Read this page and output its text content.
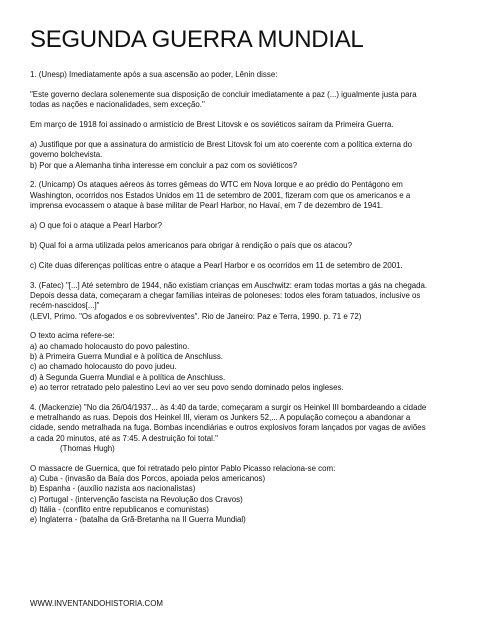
SEGUNDA GUERRA MUNDIAL
1. (Unesp) Imediatamente após a sua ascensão ao poder, Lênin disse:
"Este governo declara solenemente sua disposição de concluir imediatamente a paz (...) igualmente justa para
todas as nações e nacionalidades, sem exceção."
Em março de 1918 foi assinado o armistício de Brest Litovsk e os soviéticos saíram da Primeira Guerra.
a) Justifique por que a assinatura do armistício de Brest Litovsk foi um ato coerente com a política externa do
governo bolchevista.
b) Por que a Alemanha tinha interesse em concluir a paz com os soviéticos?
2. (Unicamp) Os ataques aéreos às torres gêmeas do WTC em Nova Iorque e ao prédio do Pentágono em
Washington, ocorridos nos Estados Unidos em 11 de setembro de 2001, fizeram com que os americanos e a
imprensa evocassem o ataque à base militar de Pearl Harbor, no Havaí, em 7 de dezembro de 1941.
a) O que foi o ataque a Pearl Harbor?
b) Qual foi a arma utilizada pelos americanos para obrigar à rendição o país que os atacou?
c) Cite duas diferenças políticas entre o ataque a Pearl Harbor e os ocorridos em 11 de setembro de 2001.
3. (Fatec) "[...] Até setembro de 1944, não existiam crianças em Auschwitz: eram todas mortas a gás na chegada.
Depois dessa data, começaram a chegar famílias inteiras de poloneses: todos eles foram tatuados, inclusive os
recém-nascidos[...]"
(LEVI, Primo. "Os afogados e os sobreviventes". Rio de Janeiro: Paz e Terra, 1990. p. 71 e 72)
O texto acima refere-se:
a) ao chamado holocausto do povo palestino.
b) à Primeira Guerra Mundial e à política de Anschluss.
c) ao chamado holocausto do povo judeu.
d) à Segunda Guerra Mundial e à política de Anschluss.
e) ao terror retratado pelo palestino Levi ao ver seu povo sendo dominado pelos ingleses.
4. (Mackenzie) "No dia 26/04/1937... às 4:40 da tarde, começaram a surgir os Heinkel III bombardeando a cidade
e metralhando as ruas. Depois dos Heinkel III, vieram os Junkers 52,... A população começou a abandonar a
cidade, sendo metralhada na fuga. Bombas incendiárias e outros explosivos foram lançados por vagas de aviões
a cada 20 minutos, até as 7:45. A destruição foi total."
(Thomas Hugh)
O massacre de Guernica, que foi retratado pelo pintor Pablo Picasso relaciona-se com:
a) Cuba - (invasão da Baía dos Porcos, apoiada pelos americanos)
b) Espanha - (auxílio nazista aos nacionalistas)
c) Portugal - (intervenção fascista na Revolução dos Cravos)
d) Itália - (conflito entre republicanos e comunistas)
e) Inglaterra - (batalha da Grã-Bretanha na II Guerra Mundial)
WWW.INVENTANDOHISTORIA.COM
